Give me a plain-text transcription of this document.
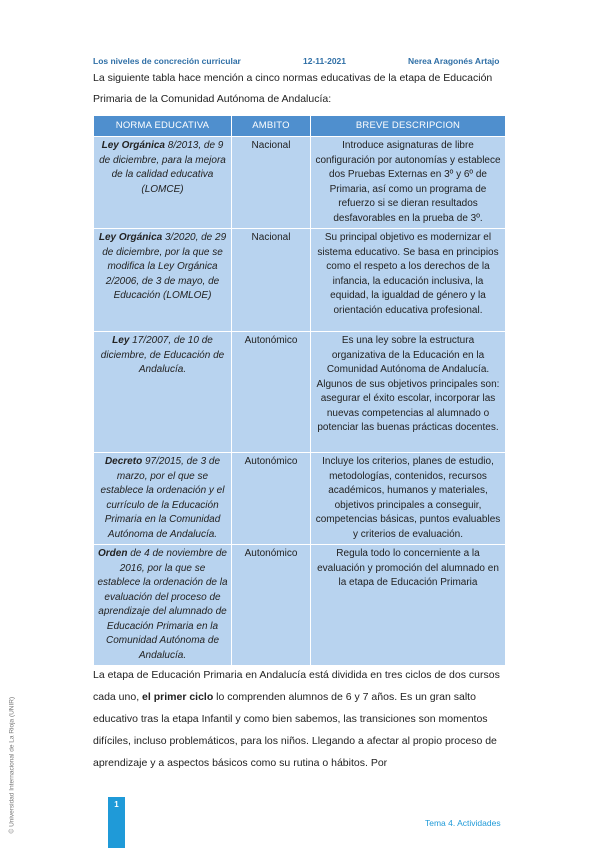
Los niveles de concreción curricular	12-11-2021	Nerea Aragonés Artajo
La siguiente tabla hace mención a cinco normas educativas de la etapa de Educación
Primaria de la Comunidad Autónoma de Andalucía:
NORMA EDUCATIVA	AMBITO	BREVE DESCRIPCION
Ley Orgánica 8/2013, de 9 de diciembre, para la mejora de la calidad educativa (LOMCE)	Nacional	Introduce asignaturas de libre configuración por autonomías y establece dos Pruebas Externas en 3º y 6º de Primaria, así como un programa de refuerzo si se dieran resultados desfavorables en la prueba de 3º.
Ley Orgánica 3/2020, de 29 de diciembre, por la que se modifica la Ley Orgánica 2/2006, de 3 de mayo, de Educación (LOMLOE)	Nacional	Su principal objetivo es modernizar el sistema educativo. Se basa en principios como el respeto a los derechos de la infancia, la educación inclusiva, la equidad, la igualdad de género y la orientación educativa profesional.
Ley 17/2007, de 10 de diciembre, de Educación de Andalucía.	Autonómico	Es una ley sobre la estructura organizativa de la Educación en la Comunidad Autónoma de Andalucía. Algunos de sus objetivos principales son: asegurar el éxito escolar, incorporar las nuevas competencias al alumnado o potenciar las buenas prácticas docentes.
Decreto 97/2015, de 3 de marzo, por el que se establece la ordenación y el currículo de la Educación Primaria en la Comunidad Autónoma de Andalucía.	Autonómico	Incluye los criterios, planes de estudio, metodologías, contenidos, recursos académicos, humanos y materiales, objetivos principales a conseguir, competencias básicas, puntos evaluables y criterios de evaluación.
Orden de 4 de noviembre de 2016, por la que se establece la ordenación de la evaluación del proceso de aprendizaje del alumnado de Educación Primaria en la Comunidad Autónoma de Andalucía.	Autonómico	Regula todo lo concerniente a la evaluación y promoción del alumnado en la etapa de Educación Primaria
La etapa de Educación Primaria en Andalucía está dividida en tres ciclos de dos cursos cada uno, el primer ciclo lo comprenden alumnos de 6 y 7 años. Es un gran salto educativo tras la etapa Infantil y como bien sabemos, las transiciones son momentos difíciles, incluso problemáticos, para los niños. Llegando a afectar al propio proceso de aprendizaje y a aspectos básicos como su rutina o hábitos. Por
© Universidad Internacional de La Rioja (UNIR)	1
Tema 4. Actividades
